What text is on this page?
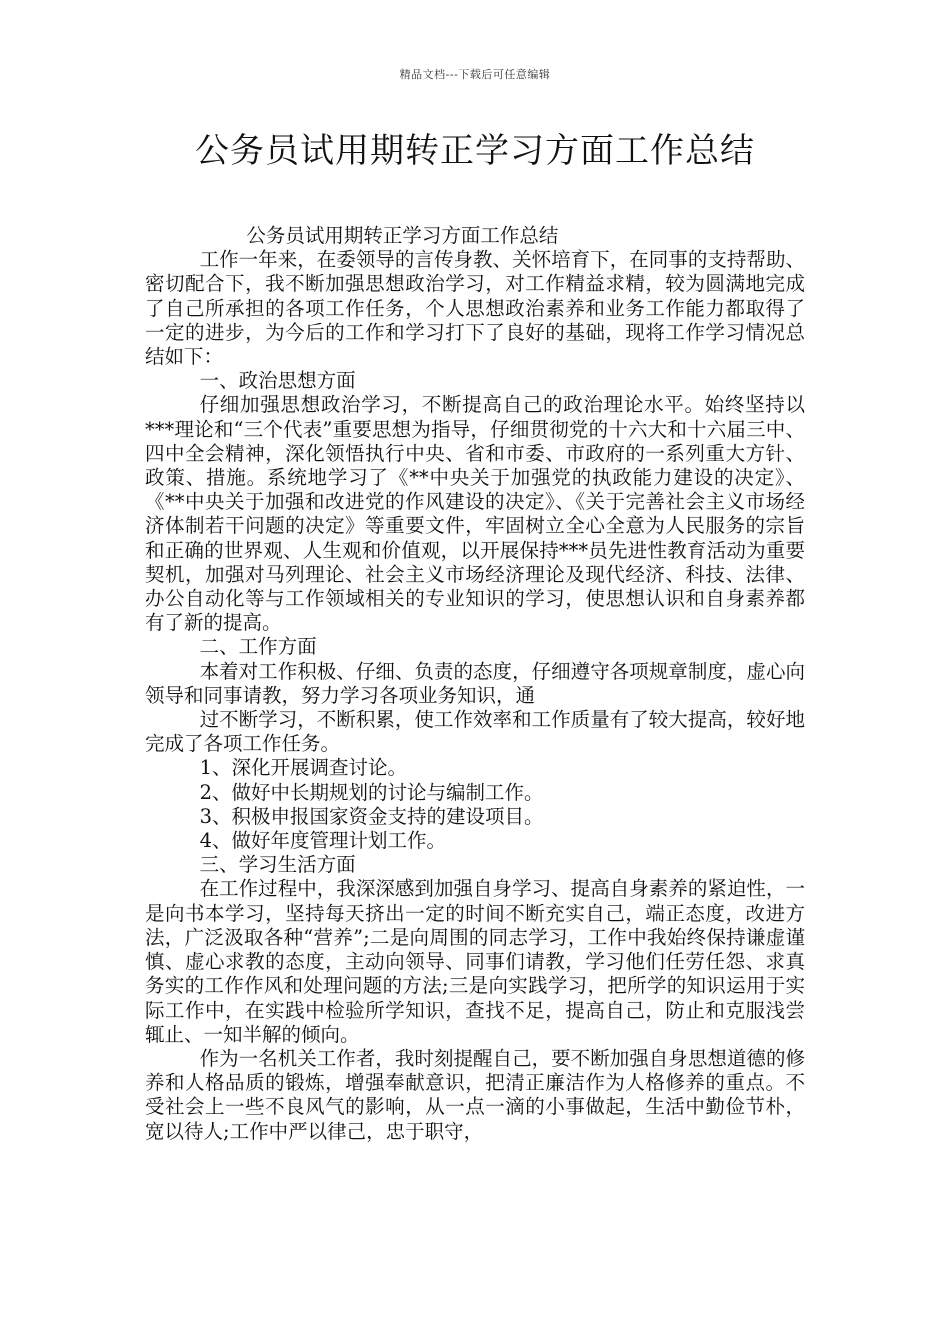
精品文档---下载后可任意编辑
公务员试用期转正学习方面工作总结

公务员试用期转正学习方面工作总结

工作一年来，在委领导的言传身教、关怀培育下，在同事的支持帮助、密切配合下，我不断加强思想政治学习，对工作精益求精，较为圆满地完成了自己所承担的各项工作任务，个人思想政治素养和业务工作能力都取得了一定的进步，为今后的工作和学习打下了良好的基础，现将工作学习情况总结如下：

一、政治思想方面

仔细加强思想政治学习，不断提高自己的政治理论水平。始终坚持以***理论和“三个代表”重要思想为指导，仔细贯彻党的十六大和十六届三中、四中全会精神，深化领悟执行中央、省和市委、市政府的一系列重大方针、政策、措施。系统地学习了《**中央关于加强党的执政能力建设的决定》、《**中央关于加强和改进党的作风建设的决定》、《关于完善社会主义市场经济体制若干问题的决定》等重要文件，牢固树立全心全意为人民服务的宗旨和正确的世界观、人生观和价值观，以开展保持***员先进性教育活动为重要契机，加强对马列理论、社会主义市场经济理论及现代经济、科技、法律、办公自动化等与工作领域相关的专业知识的学习，使思想认识和自身素养都有了新的提高。

二、工作方面

本着对工作积极、仔细、负责的态度，仔细遵守各项规章制度，虚心向领导和同事请教，努力学习各项业务知识，通

过不断学习，不断积累，使工作效率和工作质量有了较大提高，较好地完成了各项工作任务。

1、深化开展调查讨论。

2、做好中长期规划的讨论与编制工作。

3、积极申报国家资金支持的建设项目。

4、做好年度管理计划工作。

三、学习生活方面

在工作过程中，我深深感到加强自身学习、提高自身素养的紧迫性，一是向书本学习，坚持每天挤出一定的时间不断充实自己，端正态度，改进方法，广泛汲取各种“营养”;二是向周围的同志学习，工作中我始终保持谦虚谨慎、虚心求教的态度，主动向领导、同事们请教，学习他们任劳任怨、求真务实的工作作风和处理问题的方法;三是向实践学习，把所学的知识运用于实际工作中，在实践中检验所学知识，查找不足，提高自己，防止和克服浅尝辄止、一知半解的倾向。

作为一名机关工作者，我时刻提醒自己，要不断加强自身思想道德的修养和人格品质的锻炼，增强奉献意识，把清正廉洁作为人格修养的重点。不受社会上一些不良风气的影响，从一点一滴的小事做起，生活中勤俭节朴，宽以待人;工作中严以律己，忠于职守，
